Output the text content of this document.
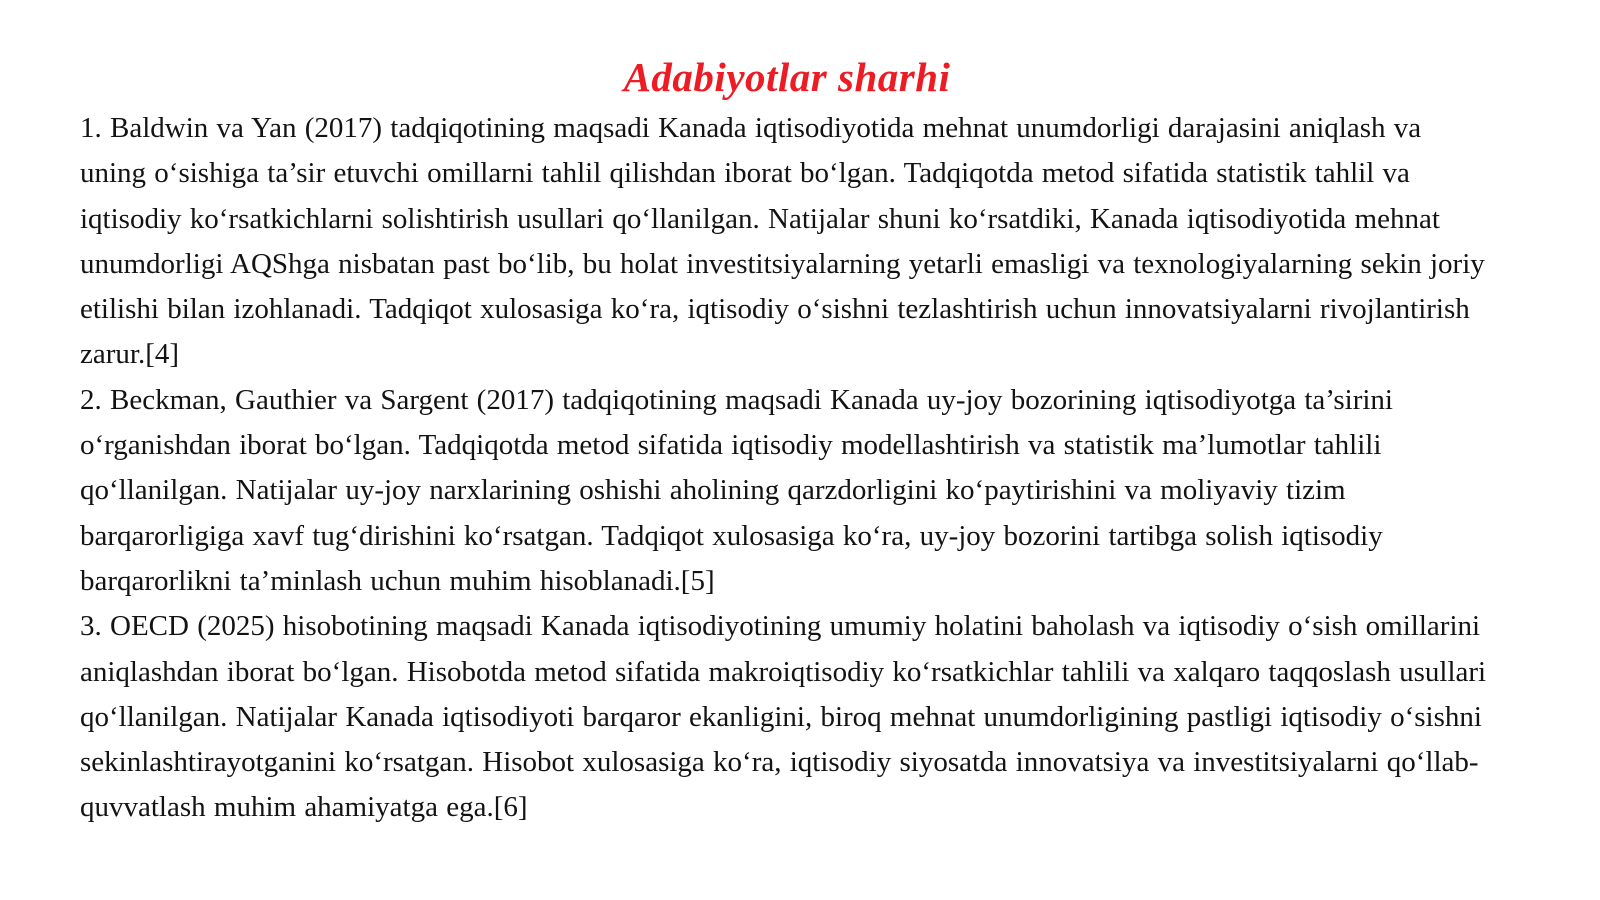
Adabiyotlar sharhi

1. Baldwin va Yan (2017) tadqiqotining maqsadi Kanada iqtisodiyotida mehnat unumdorligi darajasini aniqlash va uning o‘sishiga ta’sir etuvchi omillarni tahlil qilishdan iborat bo‘lgan. Tadqiqotda metod sifatida statistik tahlil va iqtisodiy ko‘rsatkichlarni solishtirish usullari qo‘llanilgan. Natijalar shuni ko‘rsatdiki, Kanada iqtisodiyotida mehnat unumdorligi AQShga nisbatan past bo‘lib, bu holat investitsiyalarning yetarli emasligi va texnologiyalarning sekin joriy etilishi bilan izohlanadi. Tadqiqot xulosasiga ko‘ra, iqtisodiy o‘sishni tezlashtirish uchun innovatsiyalarni rivojlantirish zarur.[4]

2. Beckman, Gauthier va Sargent (2017) tadqiqotining maqsadi Kanada uy-joy bozorining iqtisodiyotga ta’sirini o‘rganishdan iborat bo‘lgan. Tadqiqotda metod sifatida iqtisodiy modellashtirish va statistik ma’lumotlar tahlili qo‘llanilgan. Natijalar uy-joy narxlarining oshishi aholining qarzdorligini ko‘paytirishini va moliyaviy tizim barqarorligiga xavf tug‘dirishini ko‘rsatgan. Tadqiqot xulosasiga ko‘ra, uy-joy bozorini tartibga solish iqtisodiy barqarorlikni ta’minlash uchun muhim hisoblanadi.[5]

3. OECD (2025) hisobotining maqsadi Kanada iqtisodiyotining umumiy holatini baholash va iqtisodiy o‘sish omillarini aniqlashdan iborat bo‘lgan. Hisobotda metod sifatida makroiqtisodiy ko‘rsatkichlar tahlili va xalqaro taqqoslash usullari qo‘llanilgan. Natijalar Kanada iqtisodiyoti barqaror ekanligini, biroq mehnat unumdorligining pastligi iqtisodiy o‘sishni sekinlashtirayotganini ko‘rsatgan. Hisobot xulosasiga ko‘ra, iqtisodiy siyosatda innovatsiya va investitsiyalarni qo‘llab-quvvatlash muhim ahamiyatga ega.[6]
